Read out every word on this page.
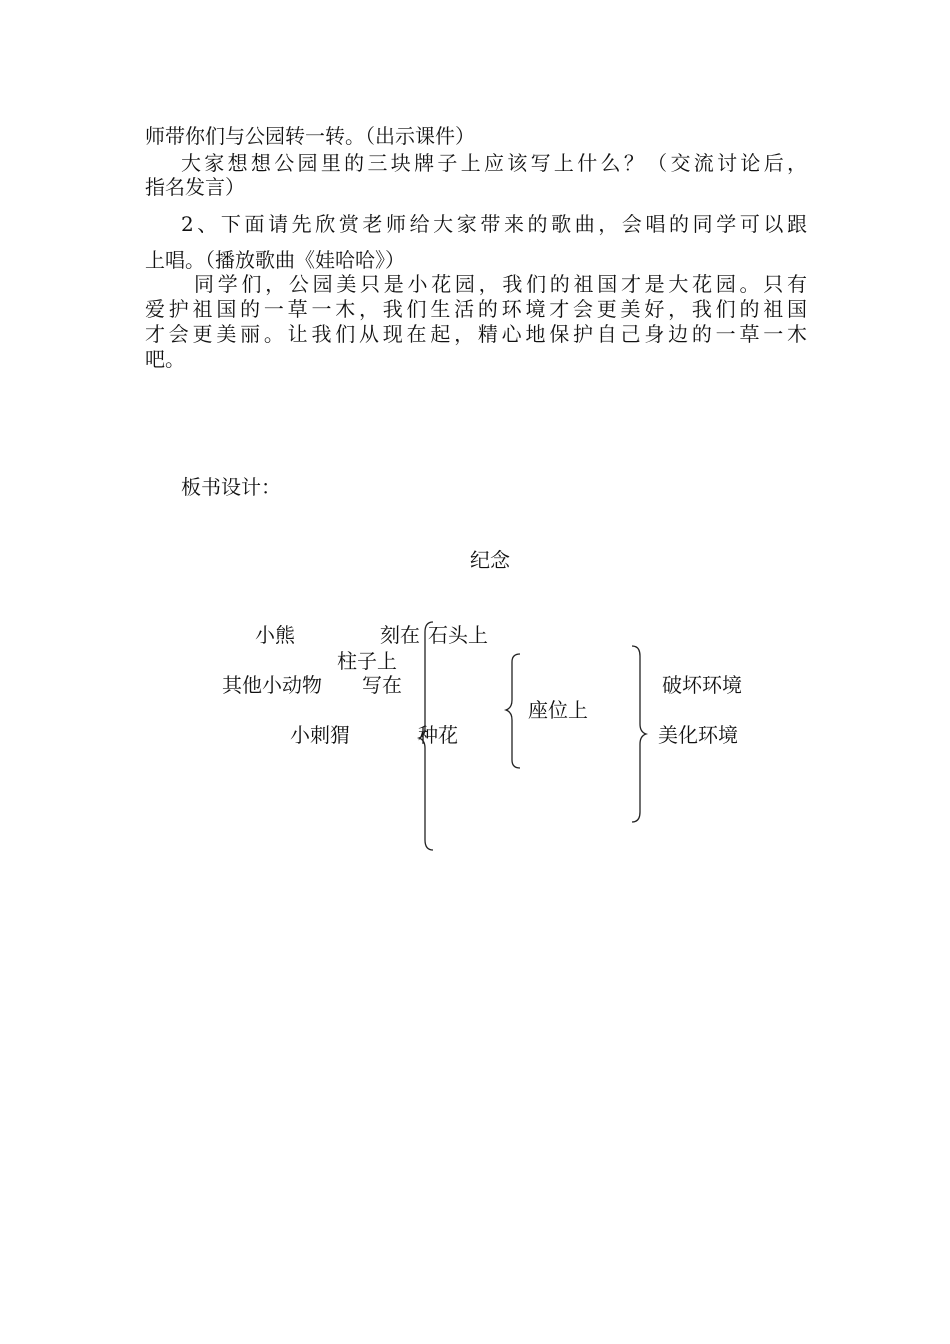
师带你们与公园转一转。（出示课件）
大家想想公园里的三块牌子上应该写上什么？（交流讨论后，
指名发言）
2、下面请先欣赏老师给大家带来的歌曲，会唱的同学可以跟
上唱。（播放歌曲《娃哈哈》）
同学们，公园美只是小花园，我们的祖国才是大花园。只有
爱护祖国的一草一木，我们生活的环境才会更美好，我们的祖国
才会更美丽。让我们从现在起，精心地保护自己身边的一草一木
吧。
板书设计：
纪念
小熊	刻在 石头上
柱子上
其他小动物 写在	破坏环境
座位上
小刺猬	种花	美化环境
